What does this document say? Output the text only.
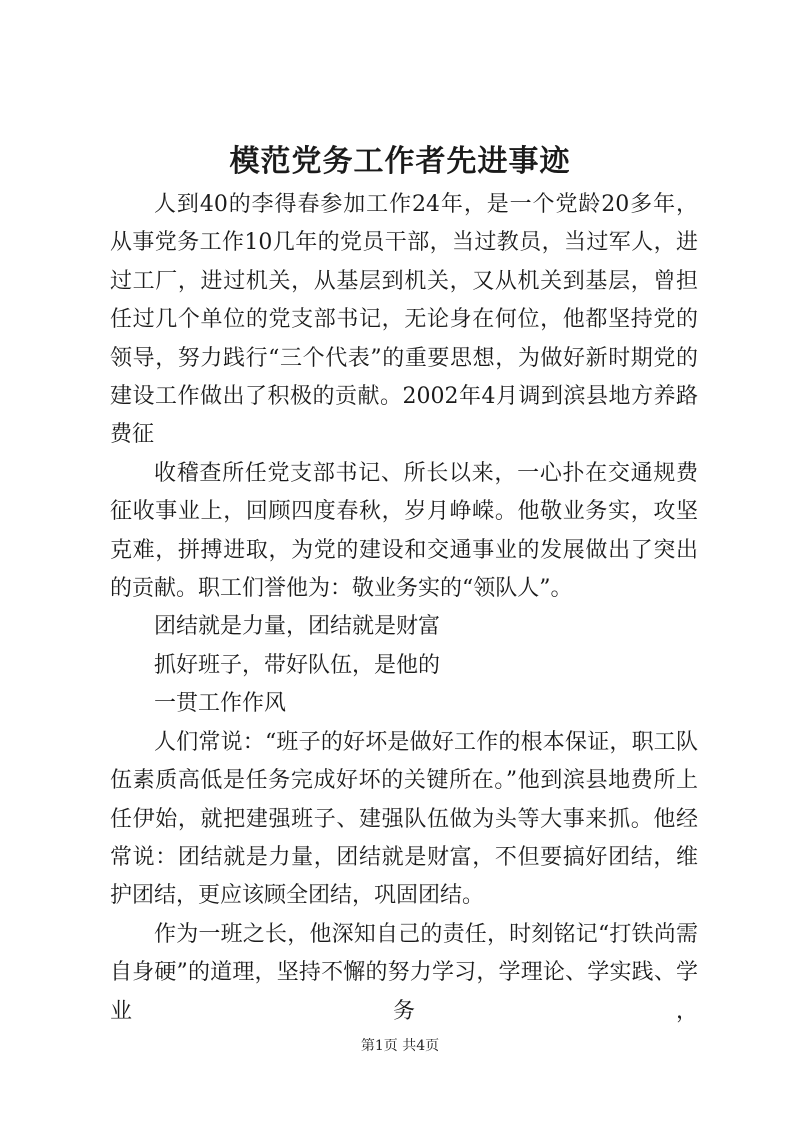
模范党务工作者先进事迹

人到40的李得春参加工作24年，是一个党龄20多年，从事党务工作10几年的党员干部，当过教员，当过军人，进过工厂，进过机关，从基层到机关，又从机关到基层，曾担任过几个单位的党支部书记，无论身在何位，他都坚持党的领导，努力践行“三个代表”的重要思想，为做好新时期党的建设工作做出了积极的贡献。2002年4月调到滨县地方养路费征

收稽查所任党支部书记、所长以来，一心扑在交通规费征收事业上，回顾四度春秋，岁月峥嵘。他敬业务实，攻坚克难，拼搏进取，为党的建设和交通事业的发展做出了突出的贡献。职工们誉他为：敬业务实的“领队人”。

团结就是力量，团结就是财富

抓好班子，带好队伍，是他的

一贯工作作风

人们常说：“班子的好坏是做好工作的根本保证，职工队伍素质高低是任务完成好坏的关键所在。”他到滨县地费所上任伊始，就把建强班子、建强队伍做为头等大事来抓。他经常说：团结就是力量，团结就是财富，不但要搞好团结，维护团结，更应该顾全团结，巩固团结。

作为一班之长，他深知自己的责任，时刻铭记“打铁尚需自身硬”的道理，坚持不懈的努力学习，学理论、学实践、学业务，

第1页 共4页
